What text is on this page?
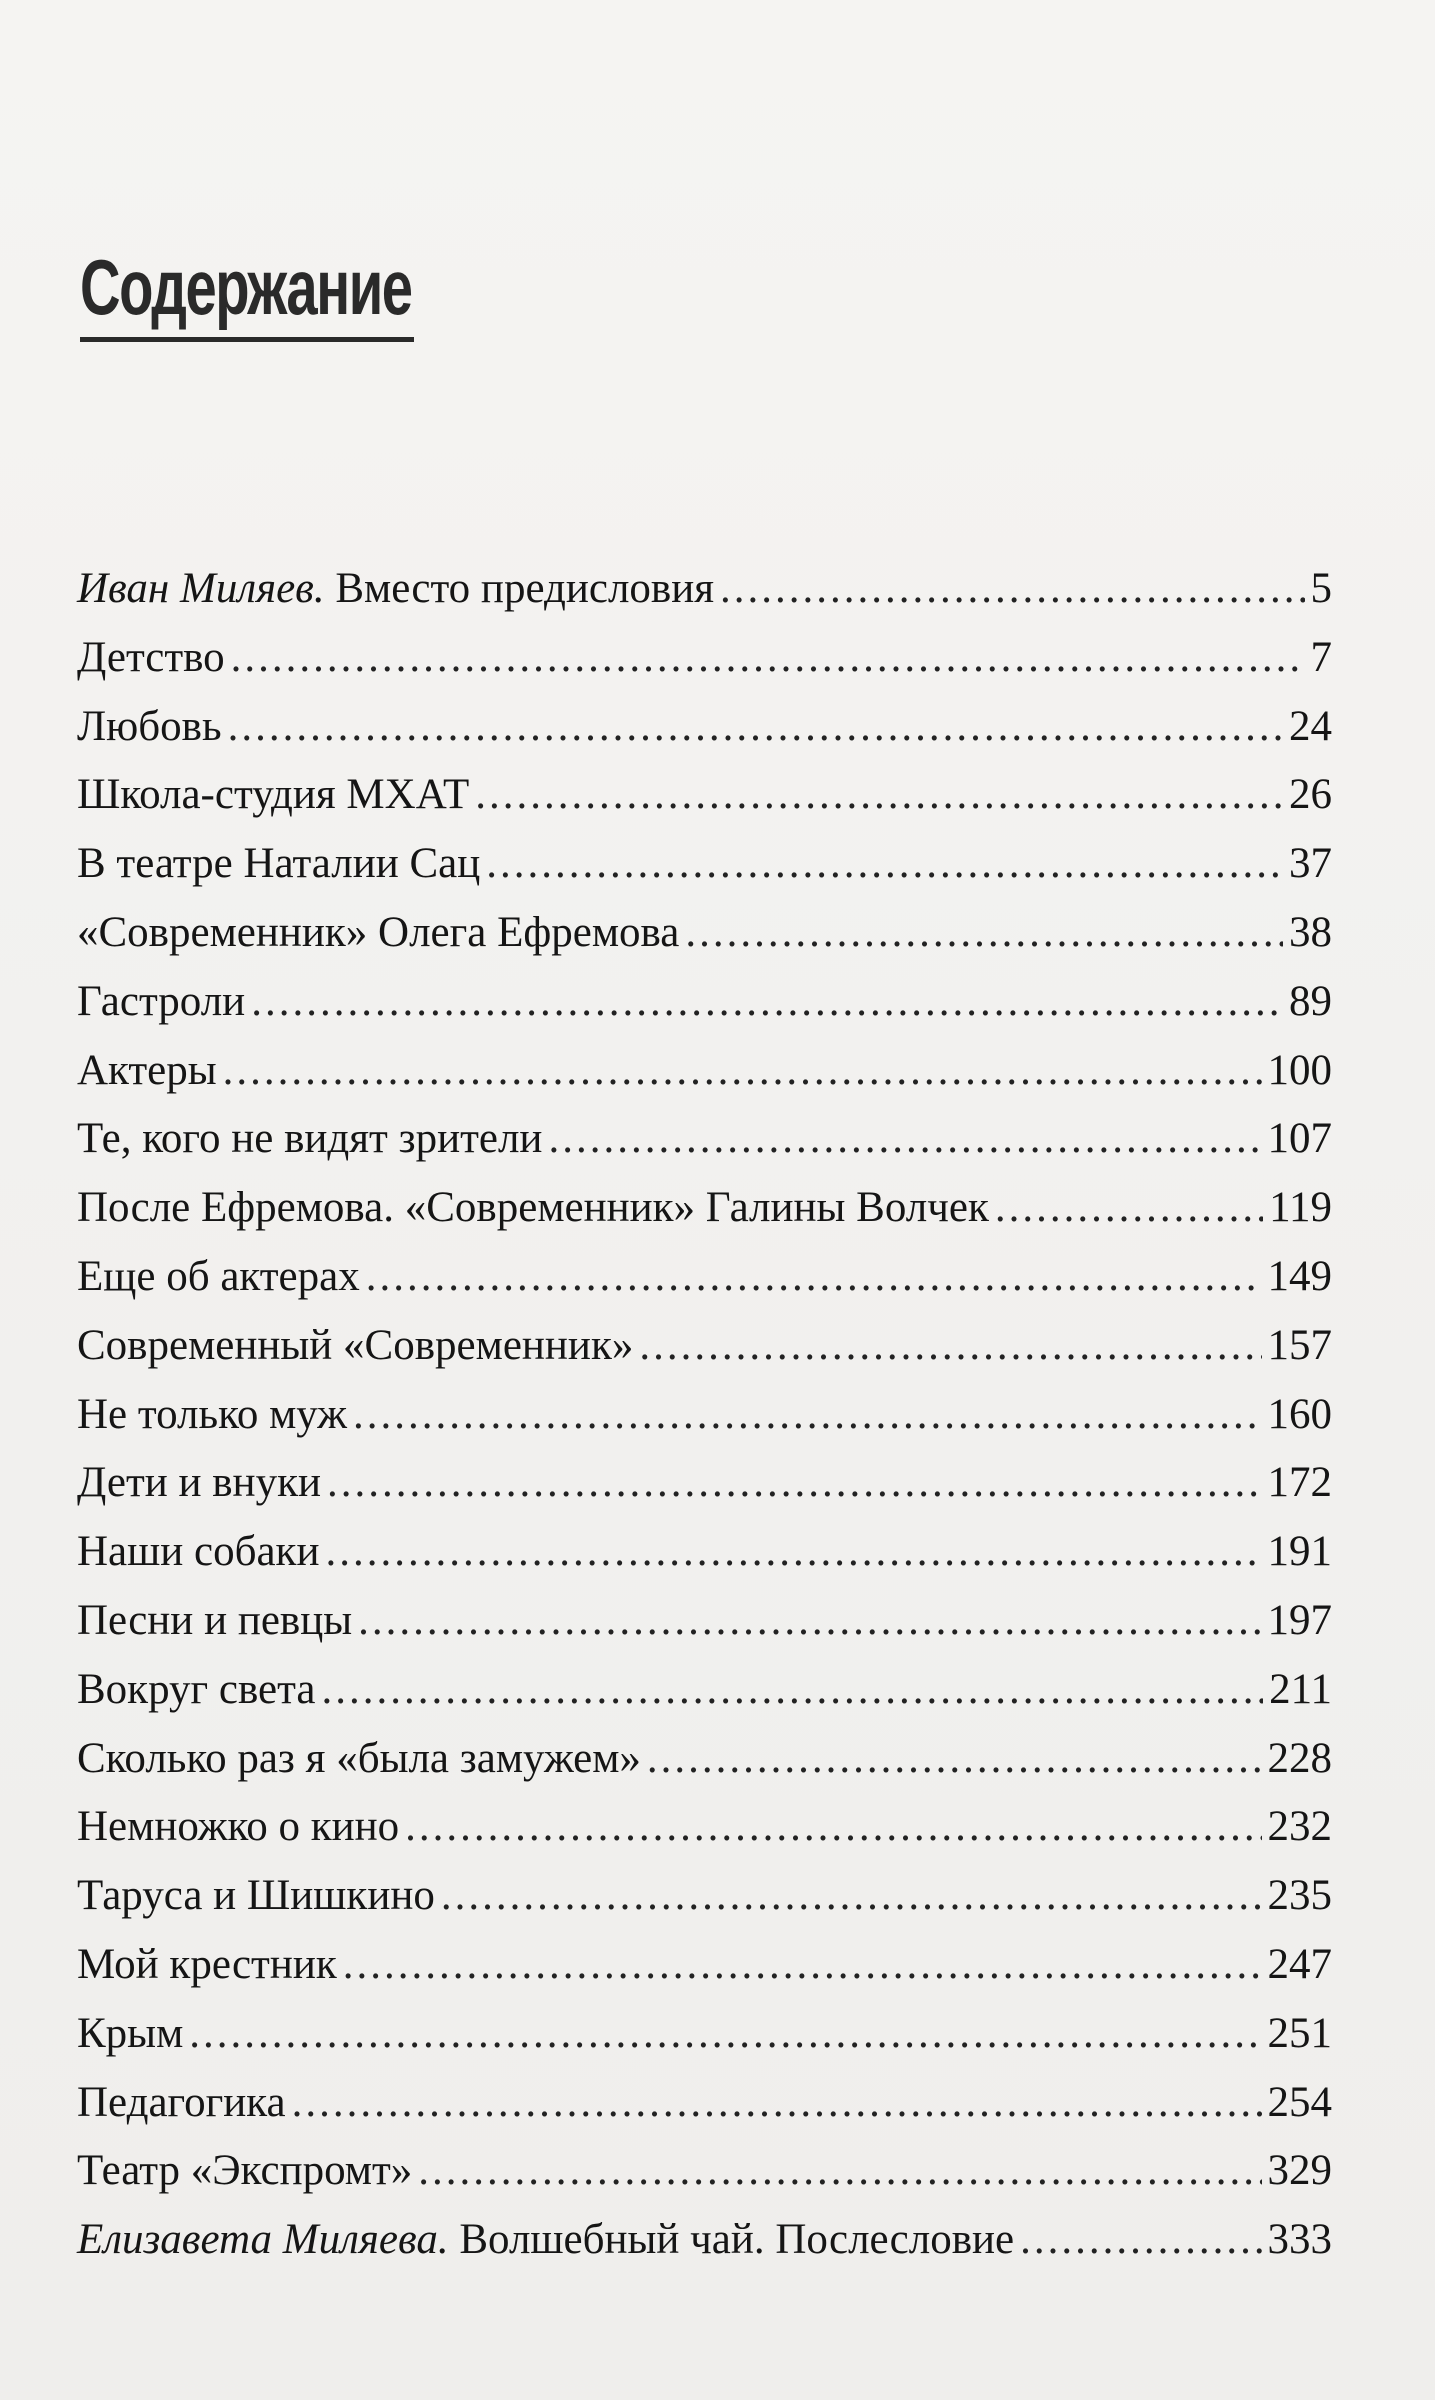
Содержание
Иван Миляев. Вместо предисловия .....	5
Детство .....	7
Любовь .....	24
Школа-студия МХАТ .....	26
В театре Наталии Сац .....	37
«Современник» Олега Ефремова .....	38
Гастроли .....	89
Актеры .....	100
Те, кого не видят зрители .....	107
После Ефремова. «Современник» Галины Волчек .....	119
Еще об актерах .....	149
Современный «Современник» .....	157
Не только муж .....	160
Дети и внуки .....	172
Наши собаки .....	191
Песни и певцы .....	197
Вокруг света .....	211
Сколько раз я «была замужем» .....	228
Немножко о кино .....	232
Таруса и Шишкино .....	235
Мой крестник .....	247
Крым .....	251
Педагогика .....	254
Театр «Экспромт» .....	329
Елизавета Миляева. Волшебный чай. Послесловие .....	333
